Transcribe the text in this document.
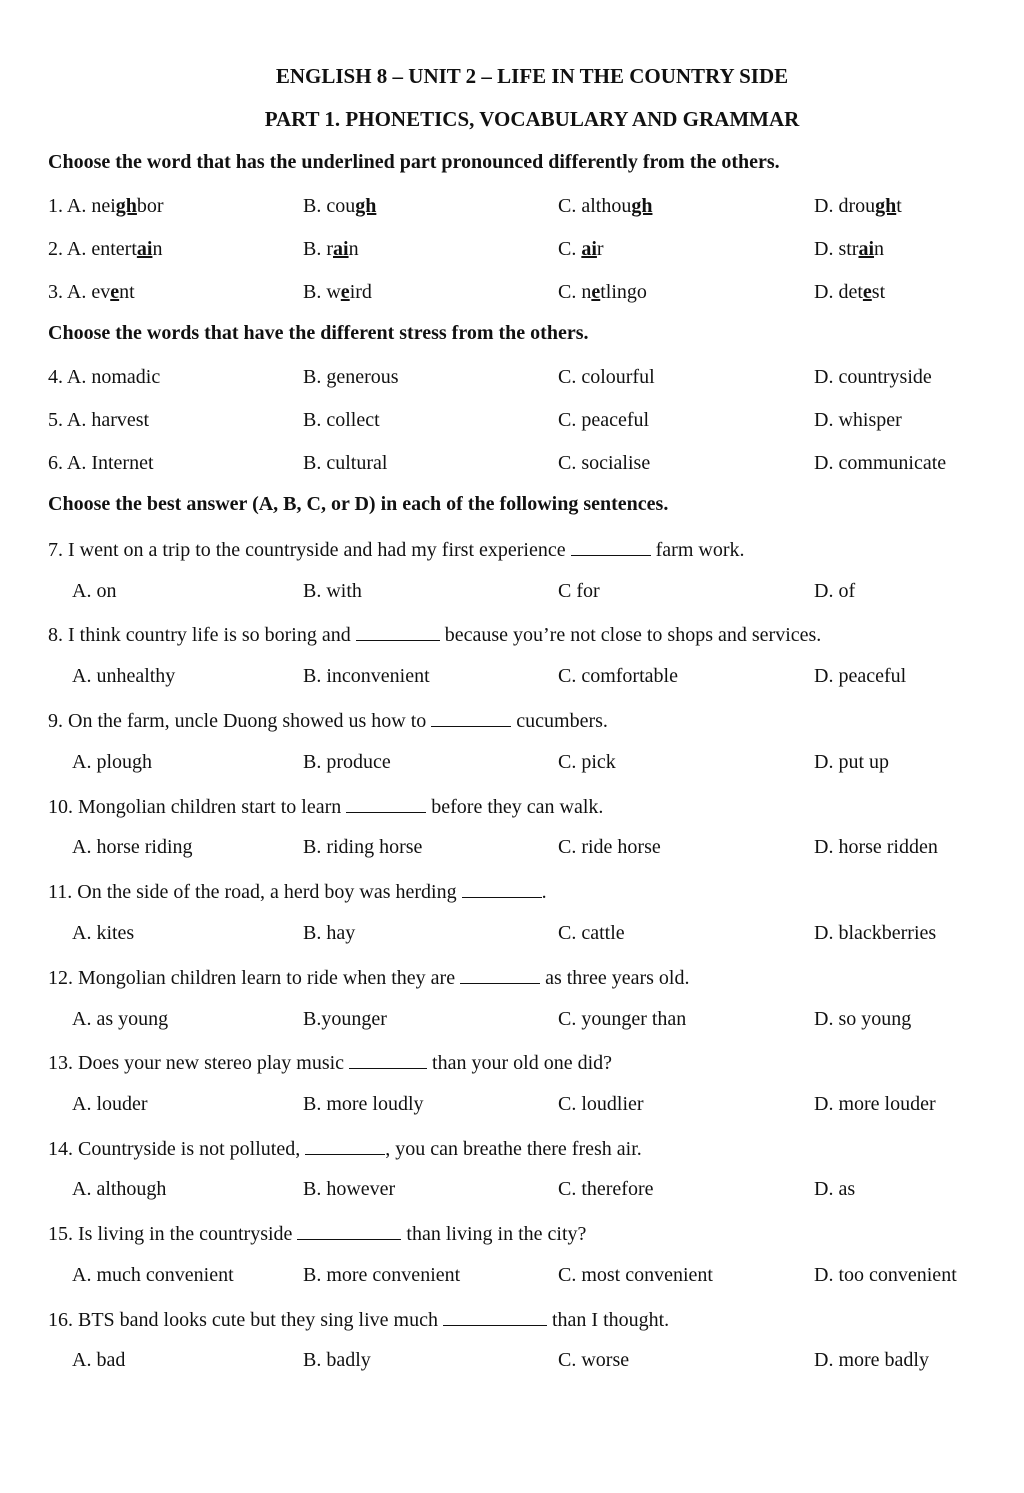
ENGLISH 8 – UNIT 2 – LIFE IN THE COUNTRY SIDE
PART 1. PHONETICS, VOCABULARY AND GRAMMAR
Choose the word that has the underlined part pronounced differently from the others.
1. A. neighbor	B. cough	C. although	D. drought
2. A. entertain	B. rain	C. air	D. strain
3. A. event	B. weird	C. netlingo	D. detest
Choose the words that have the different stress from the others.
4. A. nomadic	B. generous	C. colourful	D. countryside
5. A. harvest	B. collect	C. peaceful	D. whisper
6. A. Internet	B. cultural	C. socialise	D. communicate
Choose the best answer (A, B, C, or D) in each of the following sentences.
7. I went on a trip to the countryside and had my first experience	farm work.
A. on	B. with	C for	D. of
8. I think country life is so boring and	because you’re not close to shops and services.
A. unhealthy	B. inconvenient	C. comfortable	D. peaceful
9. On the farm, uncle Duong showed us how to	cucumbers.
A. plough	B. produce	C. pick	D. put up
10. Mongolian children start to learn	before they can walk.
A. horse riding	B. riding horse	C. ride horse	D. horse ridden
11. On the side of the road, a herd boy was herding	.
A. kites	B. hay	C. cattle	D. blackberries
12. Mongolian children learn to ride when they are	as three years old.
A. as young	B.younger	C. younger than	D. so young
13. Does your new stereo play music	than your old one did?
A. louder	B. more loudly	C. loudlier	D. more louder
14. Countryside is not polluted,	, you can breathe there fresh air.
A. although	B. however	C. therefore	D. as
15. Is living in the countryside	than living in the city?
A. much convenient	B. more convenient	C. most convenient	D. too convenient
16. BTS band looks cute but they sing live much	than I thought.
A. bad	B. badly	C. worse	D. more badly
